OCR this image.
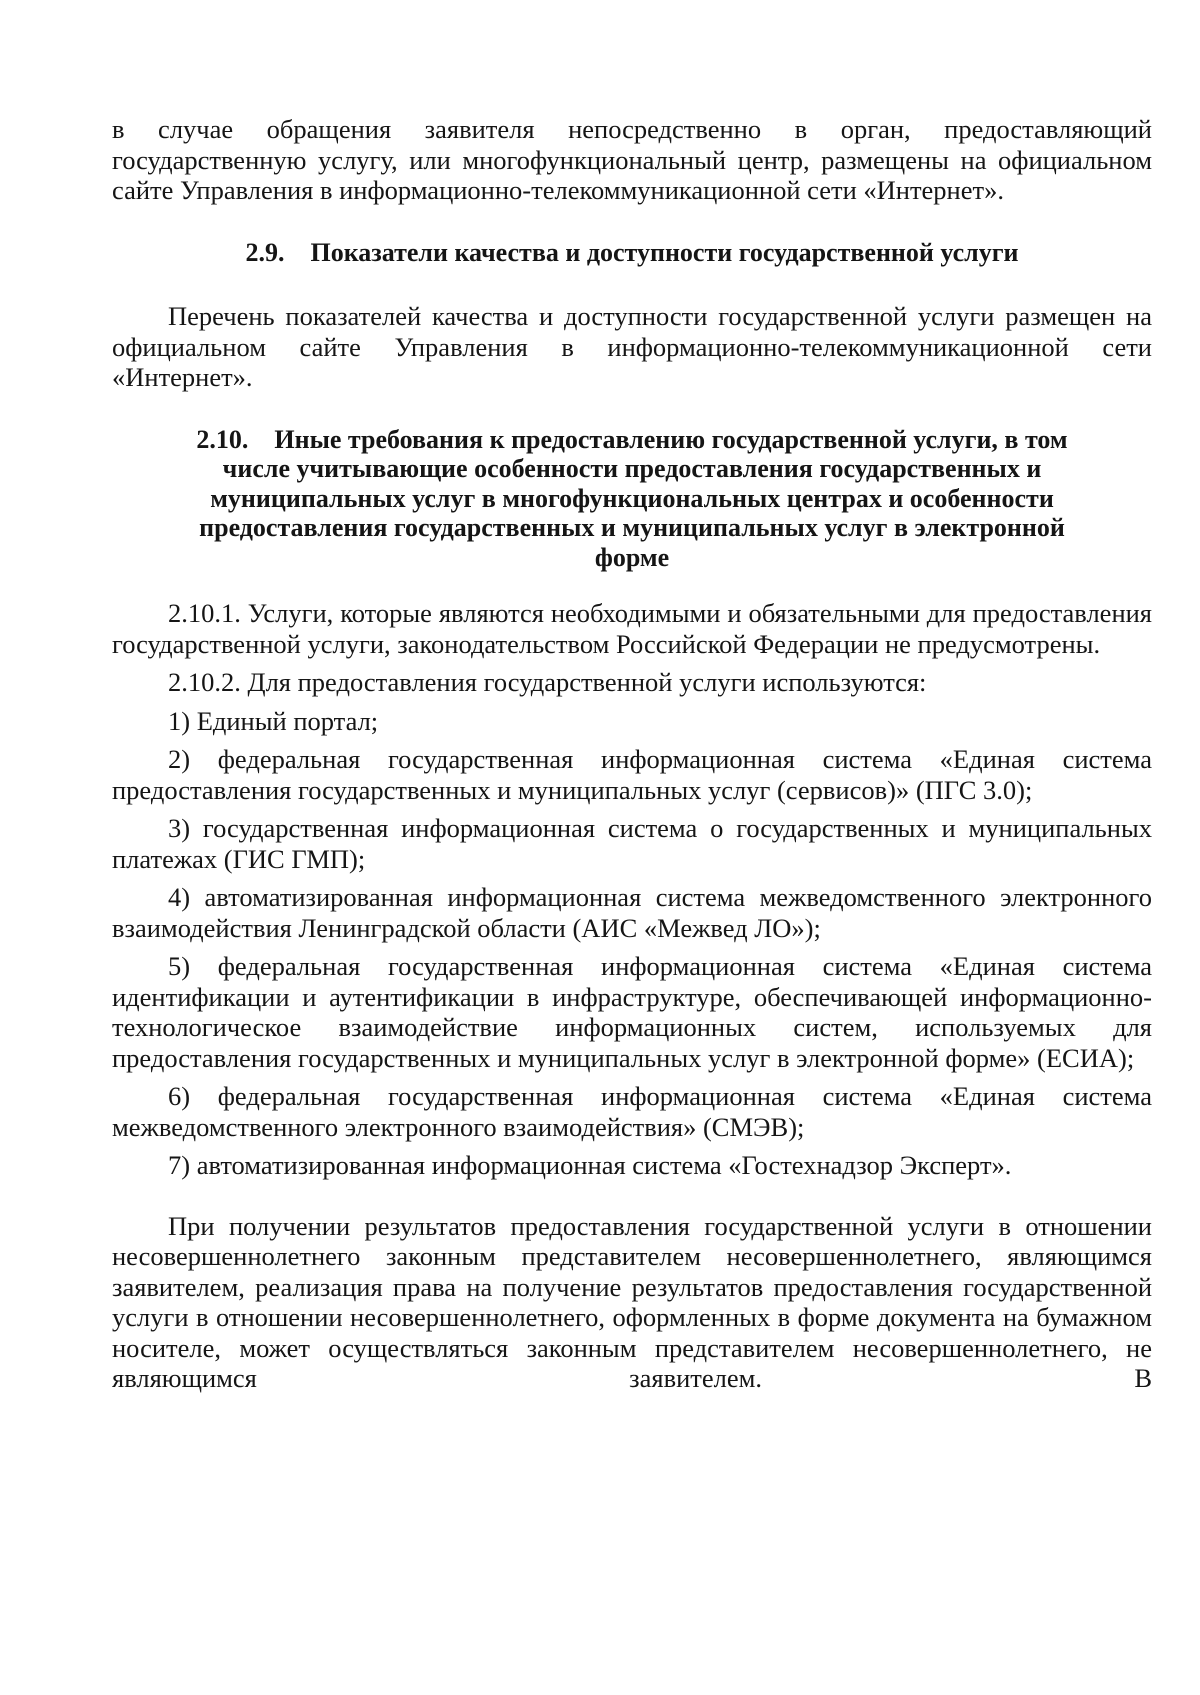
в случае обращения заявителя непосредственно в орган, предоставляющий государственную услугу, или многофункциональный центр, размещены на официальном сайте Управления в информационно-телекоммуникационной сети «Интернет».

2.9. Показатели качества и доступности государственной услуги

Перечень показателей качества и доступности государственной услуги размещен на официальном сайте Управления в информационно-телекоммуникационной сети «Интернет».

2.10. Иные требования к предоставлению государственной услуги, в том
числе учитывающие особенности предоставления государственных и
муниципальных услуг в многофункциональных центрах и особенности
предоставления государственных и муниципальных услуг в электронной
форме

2.10.1. Услуги, которые являются необходимыми и обязательными для предоставления государственной услуги, законодательством Российской Федерации не предусмотрены.

2.10.2. Для предоставления государственной услуги используются:

1) Единый портал;

2) федеральная государственная информационная система «Единая система предоставления государственных и муниципальных услуг (сервисов)» (ПГС 3.0);

3) государственная информационная система о государственных и муниципальных платежах (ГИС ГМП);

4) автоматизированная информационная система межведомственного электронного взаимодействия Ленинградской области (АИС «Межвед ЛО»);

5) федеральная государственная информационная система «Единая система идентификации и аутентификации в инфраструктуре, обеспечивающей информационно-технологическое взаимодействие информационных систем, используемых для предоставления государственных и муниципальных услуг в электронной форме» (ЕСИА);

6) федеральная государственная информационная система «Единая система межведомственного электронного взаимодействия» (СМЭВ);

7) автоматизированная информационная система «Гостехнадзор Эксперт».

При получении результатов предоставления государственной услуги в отношении несовершеннолетнего законным представителем несовершеннолетнего, являющимся заявителем, реализация права на получение результатов предоставления государственной услуги в отношении несовершеннолетнего, оформленных в форме документа на бумажном носителе, может осуществляться законным представителем несовершеннолетнего, не являющимся заявителем. В
